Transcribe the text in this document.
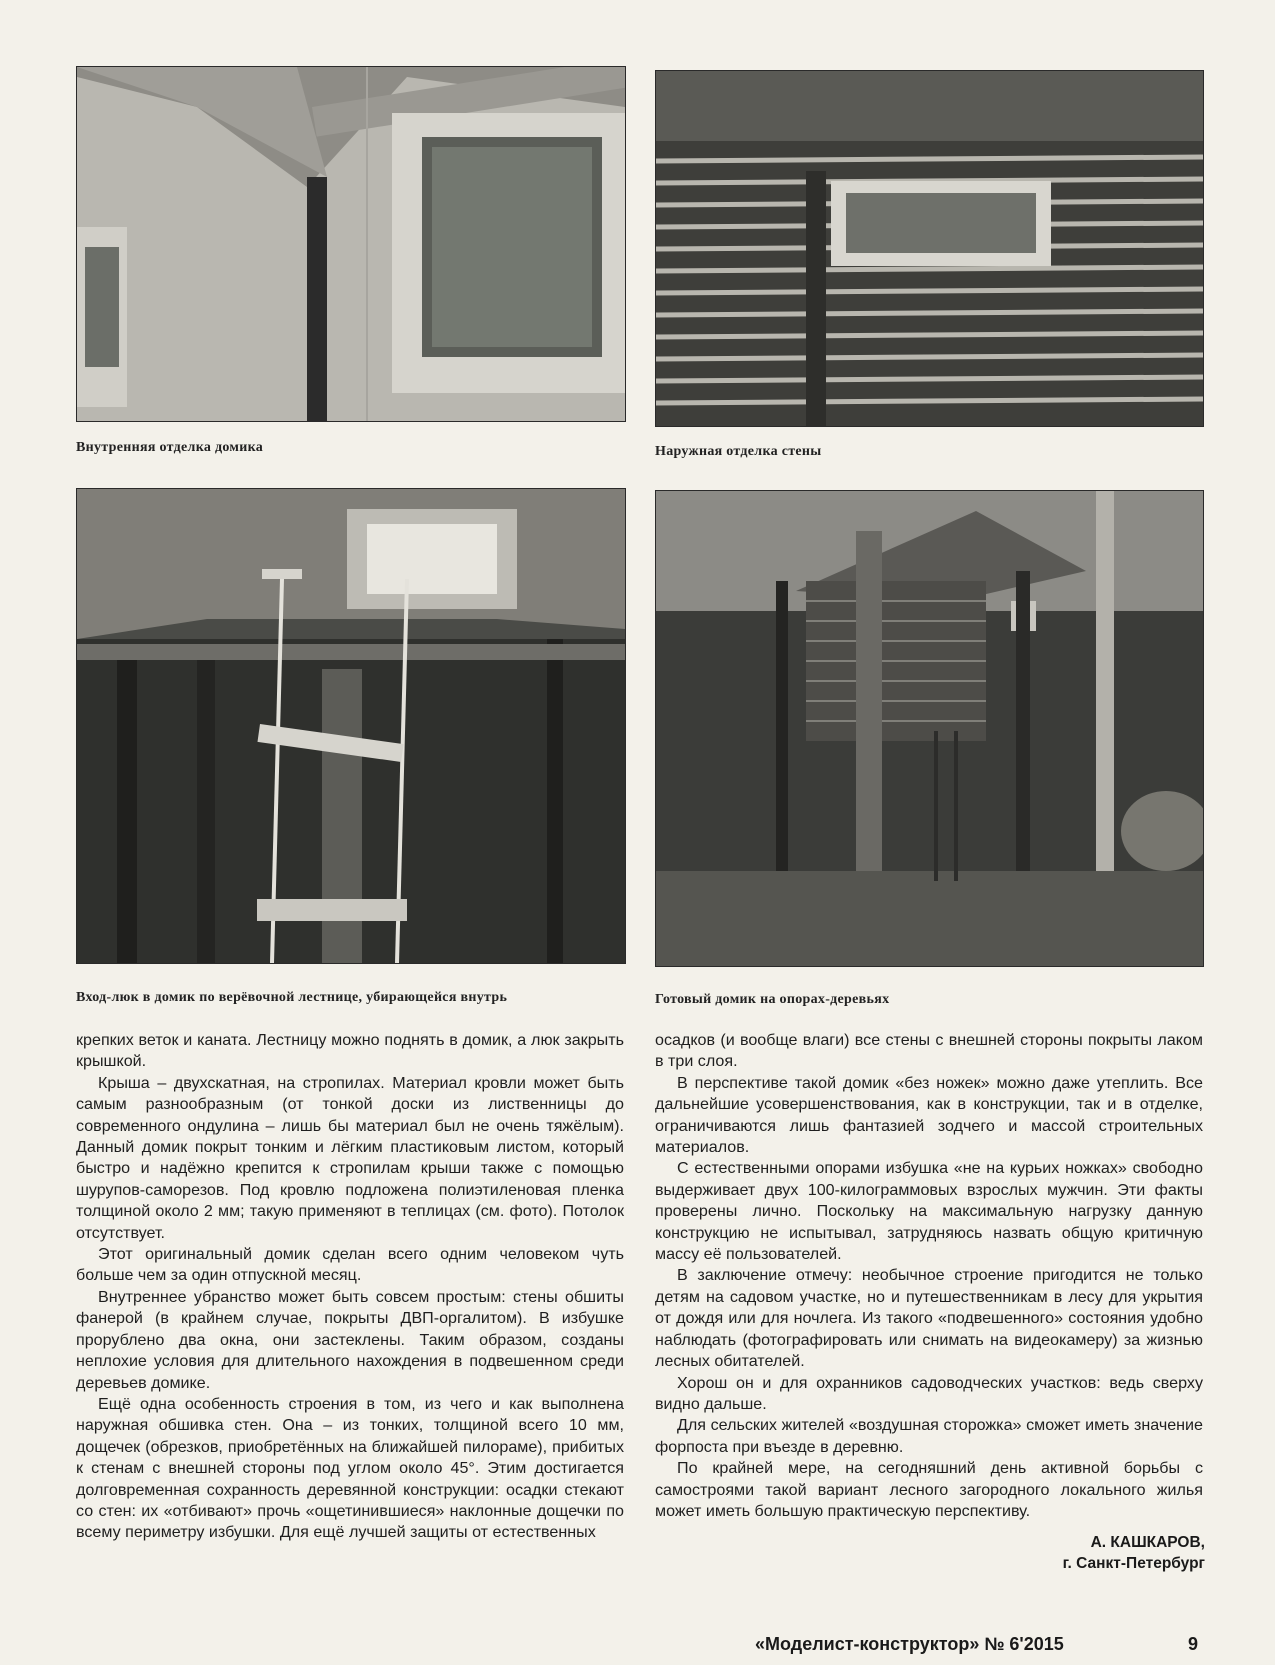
Внутренняя отделка домика	Наружная отделка стены
Вход-люк в домик по верёвочной лестнице, убирающейся внутрь	Готовый домик на опорах-деревьях

крепких веток и каната. Лестницу можно поднять в домик, а люк закрыть крышкой.

Крыша – двухскатная, на стропилах. Материал кровли может быть самым разнообразным (от тонкой доски из лиственницы до современного ондулина – лишь бы материал был не очень тяжёлым). Данный домик покрыт тонким и лёгким пластиковым листом, который быстро и надёжно крепится к стропилам крыши также с помощью шурупов-саморезов. Под кровлю подложена полиэтиленовая пленка толщиной около 2 мм; такую применяют в теплицах (см. фото). Потолок отсутствует.

Этот оригинальный домик сделан всего одним человеком чуть больше чем за один отпускной месяц.

Внутреннее убранство может быть совсем простым: стены обшиты фанерой (в крайнем случае, покрыты ДВП-оргалитом). В избушке прорублено два окна, они застеклены. Таким образом, созданы неплохие условия для длительного нахождения в подвешенном среди деревьев домике.

Ещё одна особенность строения в том, из чего и как выполнена наружная обшивка стен. Она – из тонких, толщиной всего 10 мм, дощечек (обрезков, приобретённых на ближайшей пилораме), прибитых к стенам с внешней стороны под углом около 45°. Этим достигается долговременная сохранность деревянной конструкции: осадки стекают со стен: их «отбивают» прочь «ощетинившиеся» наклонные дощечки по всему периметру избушки. Для ещё лучшей защиты от естественных

осадков (и вообще влаги) все стены с внешней стороны покрыты лаком в три слоя.

В перспективе такой домик «без ножек» можно даже утеплить. Все дальнейшие усовершенствования, как в конструкции, так и в отделке, ограничиваются лишь фантазией зодчего и массой строительных материалов.

С естественными опорами избушка «не на курьих ножках» свободно выдерживает двух 100-килограммовых взрослых мужчин. Эти факты проверены лично. Поскольку на максимальную нагрузку данную конструкцию не испытывал, затрудняюсь назвать общую критичную массу её пользователей.

В заключение отмечу: необычное строение пригодится не только детям на садовом участке, но и путешественникам в лесу для укрытия от дождя или для ночлега. Из такого «подвешенного» состояния удобно наблюдать (фотографировать или снимать на видеокамеру) за жизнью лесных обитателей.

Хорош он и для охранников садоводческих участков: ведь сверху видно дальше.

Для сельских жителей «воздушная сторожка» сможет иметь значение форпоста при въезде в деревню.

По крайней мере, на сегодняшний день активной борьбы с самостроями такой вариант лесного загородного локального жилья может иметь большую практическую перспективу.

А. КАШКАРОВ,
г. Санкт-Петербург
«Моделист-конструктор» № 6'2015	9
